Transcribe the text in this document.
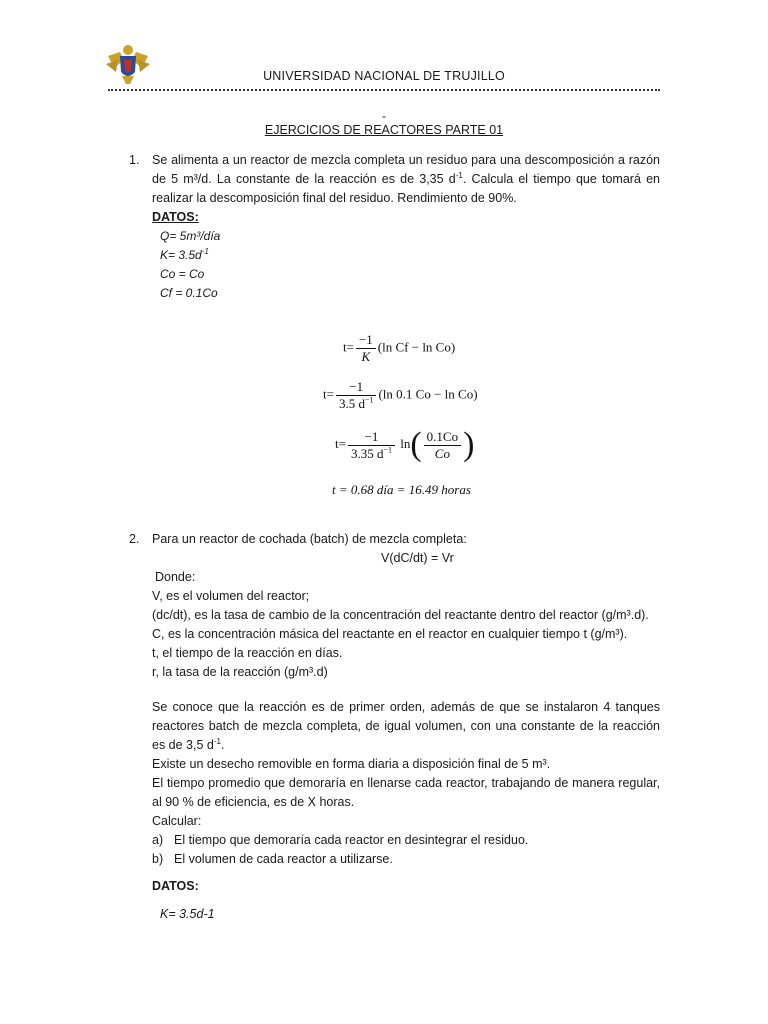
UNIVERSIDAD NACIONAL DE TRUJILLO
-
EJERCICIOS DE REACTORES PARTE 01
1. Se alimenta a un reactor de mezcla completa un residuo para una descomposición a razón de 5 m³/d. La constante de la reacción es de 3,35 $d^{-1}$. Calcula el tiempo que tomará en realizar la descomposición final del residuo. Rendimiento de 90%.

DATOS:
Q= 5m³/día
$K= 3.5d^{-1}$
Co = Co
Cf = 0.1Co
$t= \frac{-1}{K} (\ln$ Cf − ln Co)
$t= \frac{-1}{3.5 d^{-1}} (\ln$ 0.1 Co − ln Co)
$t= \frac{-1}{3.35 d^{-1}} \ln( \frac{0.1Co}{Co}$ )
t = 0.68 día = 16.49 horas
2. Para un reactor de cochada (batch) de mezcla completa:
V(dC/dt) = Vr
Donde:

V, es el volumen del reactor;

(dc/dt), es la tasa de cambio de la concentración del reactante dentro del reactor (g/m³.d).

C, es la concentración másica del reactante en el reactor en cualquier tiempo t (g/m³).

t, el tiempo de la reacción en días.

r, la tasa de la reacción (g/m³.d)

Se conoce que la reacción es de primer orden, además de que se instalaron 4 tanques reactores batch de mezcla completa, de igual volumen, con una constante de la reacción es de 3,5 $d^{-1}$.

Existe un desecho removible en forma diaria a disposición final de 5 m³.

El tiempo promedio que demoraría en llenarse cada reactor, trabajando de manera regular, al 90 % de eficiencia, es de X horas.

Calcular:

a) El tiempo que demoraría cada reactor en desintegrar el residuo.
b) El volumen de cada reactor a utilizarse.
DATOS:
K= 3.5d-1
